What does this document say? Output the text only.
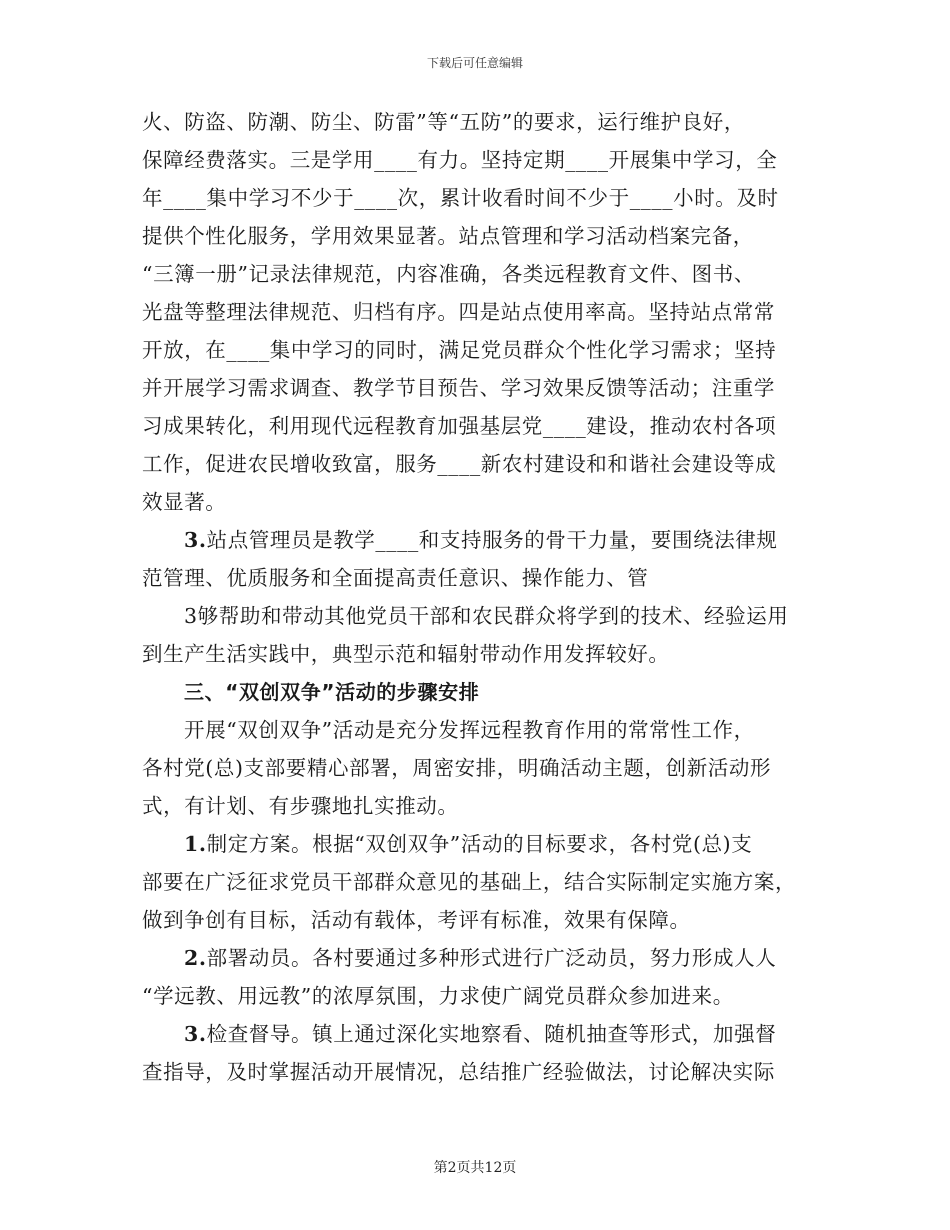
下载后可任意编辑
火、防盗、防潮、防尘、防雷”等“五防”的要求，运行维护良好，
保障经费落实。三是学用____有力。坚持定期____开展集中学习，全
年____集中学习不少于____次，累计收看时间不少于____小时。及时
提供个性化服务，学用效果显著。站点管理和学习活动档案完备，
“三簿一册”记录法律规范，内容准确，各类远程教育文件、图书、
光盘等整理法律规范、归档有序。四是站点使用率高。坚持站点常常
开放，在____集中学习的同时，满足党员群众个性化学习需求；坚持
并开展学习需求调查、教学节目预告、学习效果反馈等活动；注重学
习成果转化，利用现代远程教育加强基层党____建设，推动农村各项
工作，促进农民增收致富，服务____新农村建设和和谐社会建设等成
效显著。
3.站点管理员是教学____和支持服务的骨干力量，要围绕法律规
范管理、优质服务和全面提高责任意识、操作能力、管
3够帮助和带动其他党员干部和农民群众将学到的技术、经验运用
到生产生活实践中，典型示范和辐射带动作用发挥较好。
三、“双创双争”活动的步骤安排
开展“双创双争”活动是充分发挥远程教育作用的常常性工作，
各村党(总)支部要精心部署，周密安排，明确活动主题，创新活动形
式，有计划、有步骤地扎实推动。
1.制定方案。根据“双创双争”活动的目标要求，各村党(总)支
部要在广泛征求党员干部群众意见的基础上，结合实际制定实施方案，
做到争创有目标，活动有载体，考评有标准，效果有保障。
2.部署动员。各村要通过多种形式进行广泛动员，努力形成人人
“学远教、用远教”的浓厚氛围，力求使广阔党员群众参加进来。
3.检查督导。镇上通过深化实地察看、随机抽查等形式，加强督
查指导，及时掌握活动开展情况，总结推广经验做法，讨论解决实际
第2页共12页
